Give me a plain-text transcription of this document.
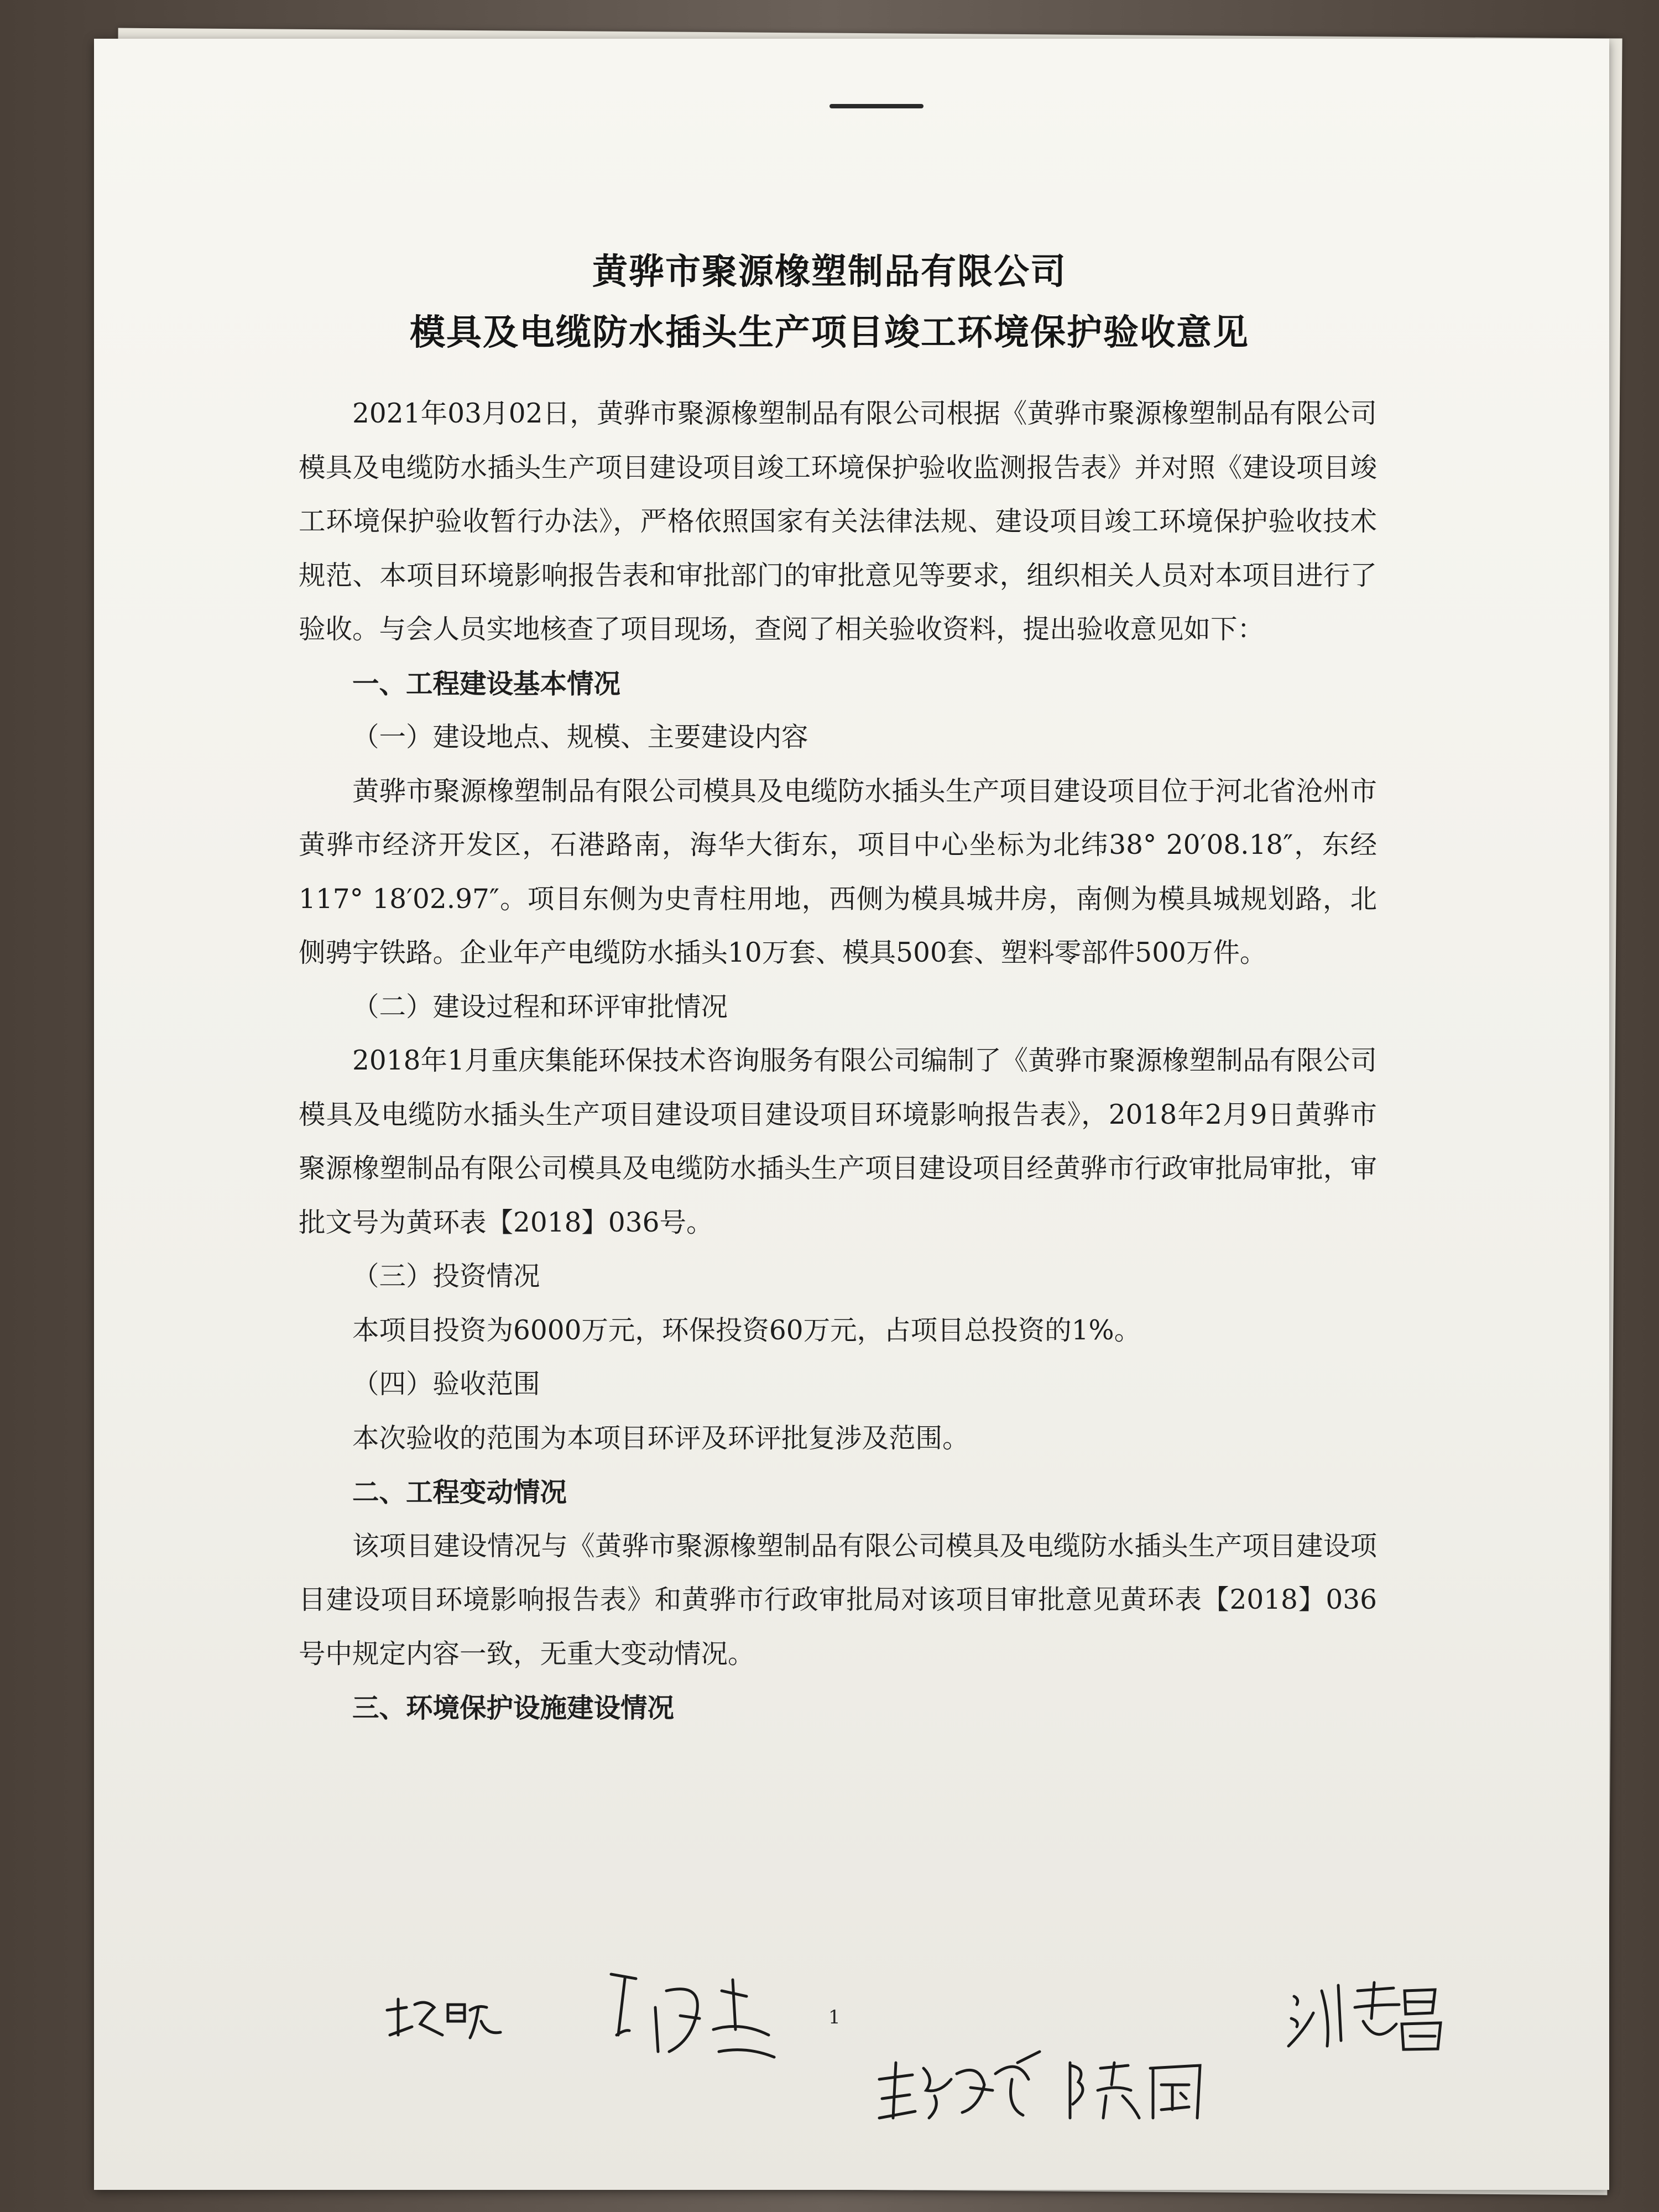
黄骅市聚源橡塑制品有限公司
模具及电缆防水插头生产项目竣工环境保护验收意见

2021年03月02日，黄骅市聚源橡塑制品有限公司根据《黄骅市聚源橡塑制品有限公司模具及电缆防水插头生产项目建设项目竣工环境保护验收监测报告表》并对照《建设项目竣工环境保护验收暂行办法》，严格依照国家有关法律法规、建设项目竣工环境保护验收技术规范、本项目环境影响报告表和审批部门的审批意见等要求，组织相关人员对本项目进行了验收。与会人员实地核查了项目现场，查阅了相关验收资料，提出验收意见如下：

一、工程建设基本情况

（一）建设地点、规模、主要建设内容

黄骅市聚源橡塑制品有限公司模具及电缆防水插头生产项目建设项目位于河北省沧州市黄骅市经济开发区，石港路南，海华大街东，项目中心坐标为北纬38° 20′08.18″，东经117° 18′02.97″。项目东侧为史青柱用地，西侧为模具城井房，南侧为模具城规划路，北侧骋宇铁路。企业年产电缆防水插头10万套、模具500套、塑料零部件500万件。

（二）建设过程和环评审批情况

2018年1月重庆集能环保技术咨询服务有限公司编制了《黄骅市聚源橡塑制品有限公司模具及电缆防水插头生产项目建设项目建设项目环境影响报告表》，2018年2月9日黄骅市聚源橡塑制品有限公司模具及电缆防水插头生产项目建设项目经黄骅市行政审批局审批，审批文号为黄环表【2018】036号。

（三）投资情况

本项目投资为6000万元，环保投资60万元，占项目总投资的1%。

（四）验收范围

本次验收的范围为本项目环评及环评批复涉及范围。

二、工程变动情况

该项目建设情况与《黄骅市聚源橡塑制品有限公司模具及电缆防水插头生产项目建设项目建设项目环境影响报告表》和黄骅市行政审批局对该项目审批意见黄环表【2018】036号中规定内容一致，无重大变动情况。

三、环境保护设施建设情况

1
